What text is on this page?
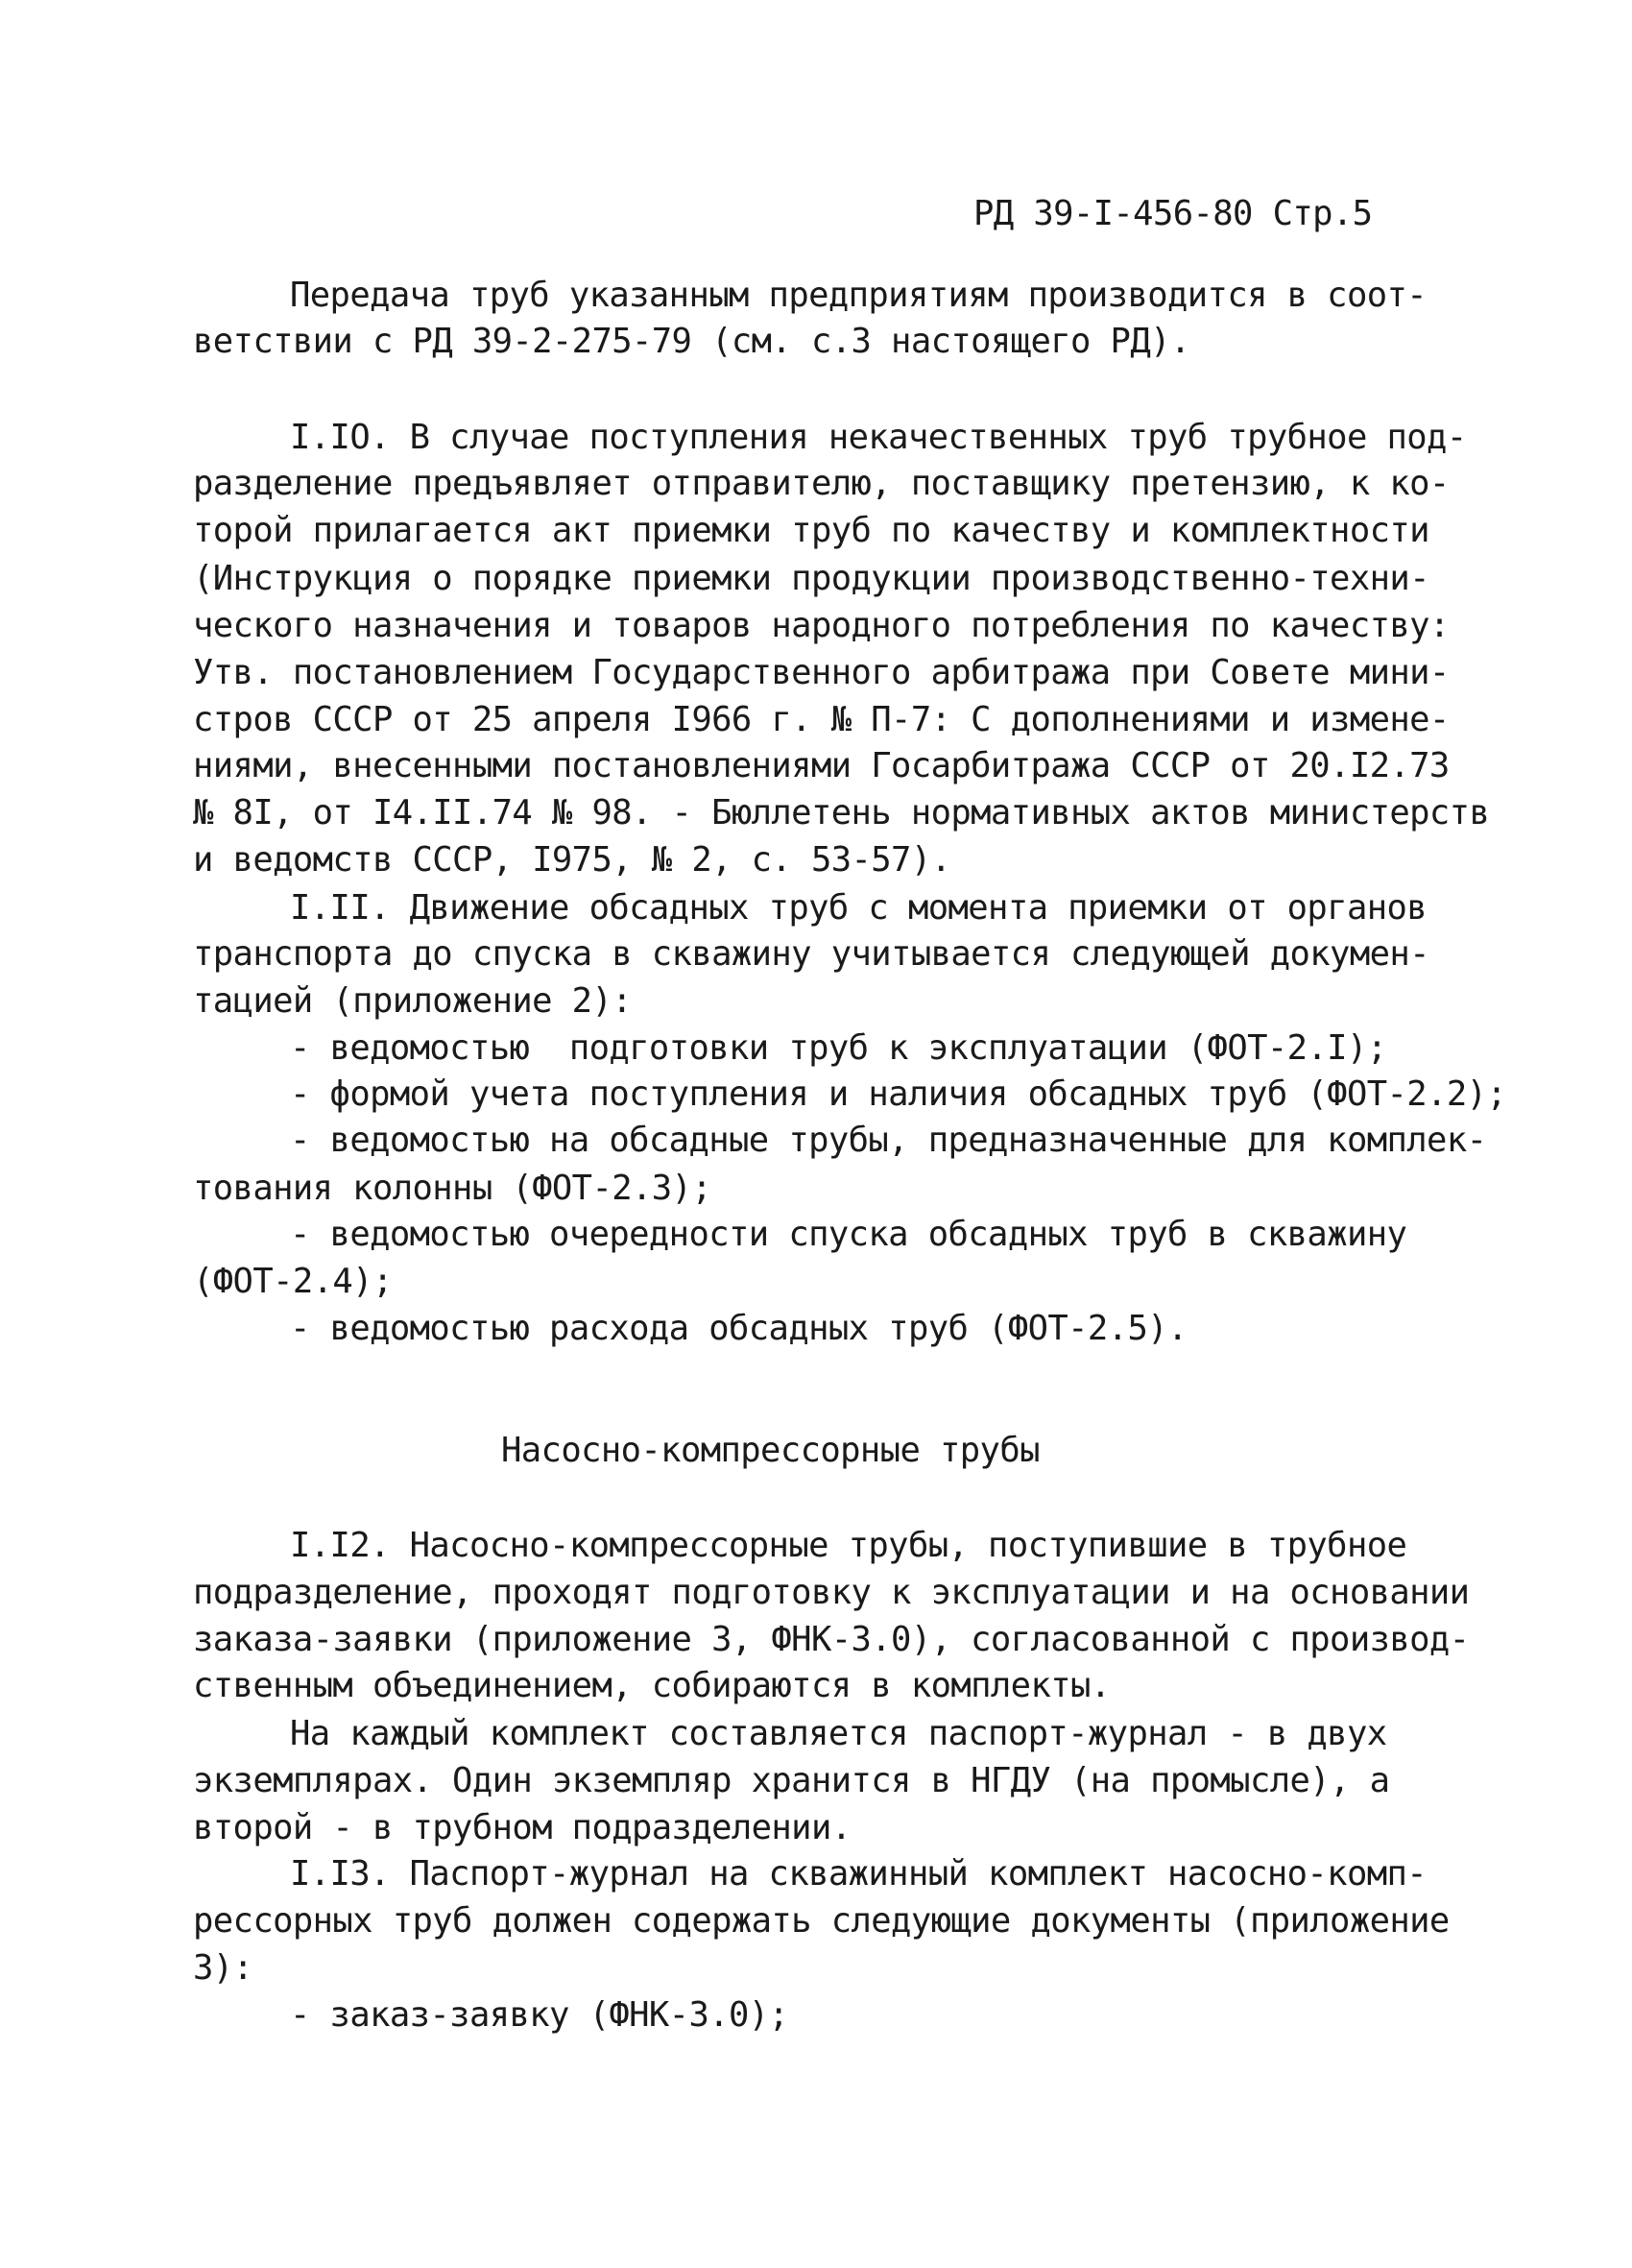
РД 39-I-456-80 Стр.5
Передача труб указанным предприятиям производится в соот-
ветствии с РД 39-2-275-79 (см. с.3 настоящего РД).
I.IO. В случае поступления некачественных труб трубное под-
разделение предъявляет отправителю, поставщику претензию, к ко-
торой прилагается акт приемки труб по качеству и комплектности
(Инструкция о порядке приемки продукции производственно-техни-
ческого назначения и товаров народного потребления по качеству:
Утв. постановлением Государственного арбитража при Совете мини-
стров СССР от 25 апреля I966 г. № П-7: С дополнениями и измене-
ниями, внесенными постановлениями Госарбитража СССР от 20.I2.73
№ 8I, от I4.II.74 № 98. - Бюллетень нормативных актов министерств
и ведомств СССР, I975, № 2, с. 53-57).
I.II. Движение обсадных труб с момента приемки от органов
транспорта до спуска в скважину учитывается следующей докумен-
тацией (приложение 2):
- ведомостью  подготовки труб к эксплуатации (ФОТ-2.I);
- формой учета поступления и наличия обсадных труб (ФОТ-2.2);
- ведомостью на обсадные трубы, предназначенные для комплек-
тования колонны (ФОТ-2.3);
- ведомостью очередности спуска обсадных труб в скважину
(ФОТ-2.4);
- ведомостью расхода обсадных труб (ФОТ-2.5).
Насосно-компрессорные трубы
I.I2. Насосно-компрессорные трубы, поступившие в трубное
подразделение, проходят подготовку к эксплуатации и на основании
заказа-заявки (приложение 3, ФНК-3.0), согласованной с производ-
ственным объединением, собираются в комплекты.
На каждый комплект составляется паспорт-журнал - в двух
экземплярах. Один экземпляр хранится в НГДУ (на промысле), а
второй - в трубном подразделении.
I.I3. Паспорт-журнал на скважинный комплект насосно-комп-
рессорных труб должен содержать следующие документы (приложение
3):
- заказ-заявку (ФНК-3.0);
